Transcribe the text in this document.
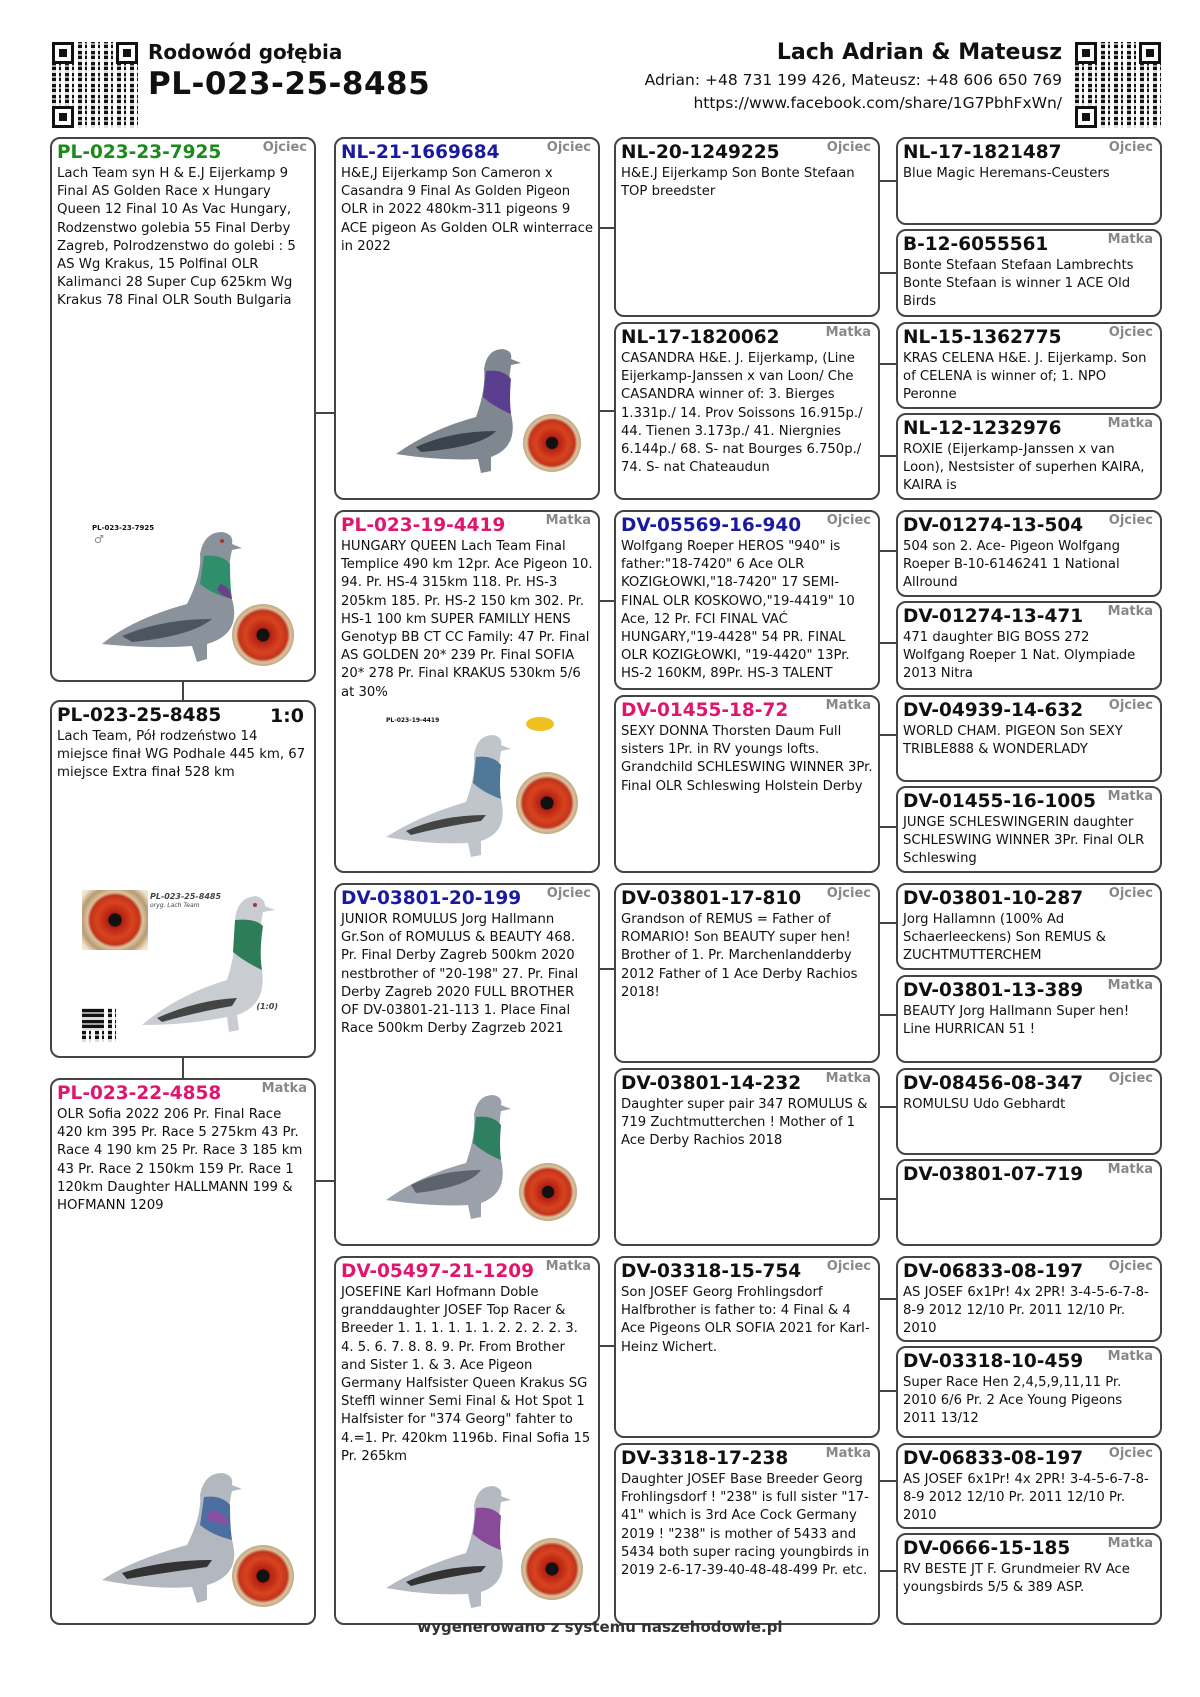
Rodowód gołębia
PL-023-25-8485
Lach Adrian & Mateusz
Adrian: +48 731 199 426, Mateusz: +48 606 650 769
https://www.facebook.com/share/1G7PbhFxWn/
PL-023-23-7925	Ojciec
Lach Team syn H & E.J Eijerkamp 9 Final AS Golden Race x Hungary Queen 12 Final 10 As Vac Hungary, Rodzenstwo golebia 55 Final Derby Zagreb, Polrodzenstwo do golebi : 5 AS Wg Krakus, 15 Polfinal OLR Kalimanci 28 Super Cup 625km Wg Krakus 78 Final OLR South Bulgaria
PL-023-23-7925
♂
PL-023-25-8485	1:0
Lach Team, Pół rodzeństwo 14 miejsce finał WG Podhale 445 km, 67 miejsce Extra finał 528 km
PL-023-25-8485
oryg. Lach Team
(1:0)
PL-023-22-4858	Matka
OLR Sofia 2022 206 Pr. Final Race 420 km 395 Pr. Race 5 275km 43 Pr. Race 4 190 km 25 Pr. Race 3 185 km 43 Pr. Race 2 150km 159 Pr. Race 1 120km Daughter HALLMANN 199 & HOFMANN 1209
NL-21-1669684	Ojciec
H&E,J Eijerkamp Son Cameron x Casandra 9 Final As Golden Pigeon OLR in 2022 480km-311 pigeons 9 ACE pigeon As Golden OLR winterrace in 2022
PL-023-19-4419	Matka
HUNGARY QUEEN Lach Team Final Templice 490 km 12pr. Ace Pigeon 10. 94. Pr. HS-4 315km 118. Pr. HS-3 205km 185. Pr. HS-2 150 km 302. Pr. HS-1 100 km SUPER FAMILLY HENS Genotyp BB CT CC Family: 47 Pr. Final AS GOLDEN 20* 239 Pr. Final SOFIA 20* 278 Pr. Final KRAKUS 530km 5/6 at 30%
PL-023-19-4419
DV-03801-20-199	Ojciec
JUNIOR ROMULUS Jorg Hallmann Gr.Son of ROMULUS & BEAUTY 468. Pr. Final Derby Zagreb 500km 2020 nestbrother of "20-198" 27. Pr. Final Derby Zagreb 2020 FULL BROTHER OF DV-03801-21-113 1. Place Final Race 500km Derby Zagrzeb 2021
DV-05497-21-1209 Matka
JOSEFINE Karl Hofmann Doble granddaughter JOSEF Top Racer & Breeder 1. 1. 1. 1. 1. 1. 2. 2. 2. 2. 3. 4. 5. 6. 7. 8. 8. 9. Pr. From Brother and Sister 1. & 3. Ace Pigeon Germany Halfsister Queen Krakus SG Steffl winner Semi Final & Hot Spot 1 Halfsister for "374 Georg" fahter to 4.=1. Pr. 420km 1196b. Final Sofia 15 Pr. 265km
NL-20-1249225	Ojciec
H&E.J Eijerkamp Son Bonte Stefaan TOP breedster
NL-17-1820062	Matka
CASANDRA H&E. J. Eijerkamp, (Line Eijerkamp-Janssen x van Loon/ Che CASANDRA winner of: 3. Bierges 1.331p./ 14. Prov Soissons 16.915p./ 44. Tienen 3.173p./ 41. Niergnies 6.144p./ 68. S- nat Bourges 6.750p./ 74. S- nat Chateaudun
DV-05569-16-940	Ojciec
Wolfgang Roeper HEROS "940" is father:"18-7420" 6 Ace OLR KOZIGŁOWKI,"18-7420" 17 SEMI-FINAL OLR KOSKOWO,"19-4419" 10 Ace, 12 Pr. FCI FINAL VAĆ HUNGARY,"19-4428" 54 PR. FINAL OLR KOZIGŁOWKI, "19-4420" 13Pr. HS-2 160KM, 89Pr. HS-3 TALENT
DV-01455-18-72	Matka
SEXY DONNA Thorsten Daum Full sisters 1Pr. in RV youngs lofts. Grandchild SCHLESWING WINNER 3Pr. Final OLR Schleswing Holstein Derby
DV-03801-17-810	Ojciec
Grandson of REMUS = Father of ROMARIO! Son BEAUTY super hen! Brother of 1. Pr. Marchenlandderby 2012 Father of 1 Ace Derby Rachios 2018!
DV-03801-14-232	Matka
Daughter super pair 347 ROMULUS & 719 Zuchtmutterchen ! Mother of 1 Ace Derby Rachios 2018
DV-03318-15-754	Ojciec
Son JOSEF Georg Frohlingsdorf Halfbrother is father to: 4 Final & 4 Ace Pigeons OLR SOFIA 2021 for Karl-Heinz Wichert.
DV-3318-17-238	Matka
Daughter JOSEF Base Breeder Georg Frohlingsdorf ! "238" is full sister "17-41" which is 3rd Ace Cock Germany 2019 ! "238" is mother of 5433 and 5434 both super racing youngbirds in 2019 2-6-17-39-40-48-48-499 Pr. etc.
NL-17-1821487	Ojciec
Blue Magic Heremans-Ceusters
B-12-6055561	Matka
Bonte Stefaan Stefaan Lambrechts Bonte Stefaan is winner 1 ACE Old Birds
NL-15-1362775	Ojciec
KRAS CELENA H&E. J. Eijerkamp. Son of CELENA is winner of; 1. NPO Peronne
NL-12-1232976	Matka
ROXIE (Eijerkamp-Janssen x van Loon), Nestsister of superhen KAIRA, KAIRA is
DV-01274-13-504	Ojciec
504 son 2. Ace- Pigeon Wolfgang Roeper B-10-6146241 1 National Allround
DV-01274-13-471	Matka
471 daughter BIG BOSS 272 Wolfgang Roeper 1 Nat. Olympiade 2013 Nitra
DV-04939-14-632	Ojciec
WORLD CHAM. PIGEON Son SEXY TRIBLE888 & WONDERLADY
DV-01455-16-1005 Matka
JUNGE SCHLESWINGERIN daughter SCHLESWING WINNER 3Pr. Final OLR Schleswing
DV-03801-10-287	Ojciec
Jorg Hallamnn (100% Ad Schaerleeckens) Son REMUS & ZUCHTMUTTERCHEM
DV-03801-13-389	Matka
BEAUTY Jorg Hallmann Super hen! Line HURRICAN 51 !
DV-08456-08-347	Ojciec
ROMULSU Udo Gebhardt
DV-03801-07-719	Matka
DV-06833-08-197	Ojciec
AS JOSEF 6x1Pr! 4x 2PR! 3-4-5-6-7-8-8-9 2012 12/10 Pr. 2011 12/10 Pr. 2010
DV-03318-10-459	Matka
Super Race Hen 2,4,5,9,11,11 Pr. 2010 6/6 Pr. 2 Ace Young Pigeons 2011 13/12
DV-06833-08-197	Ojciec
AS JOSEF 6x1Pr! 4x 2PR! 3-4-5-6-7-8-8-9 2012 12/10 Pr. 2011 12/10 Pr. 2010
DV-0666-15-185	Matka
RV BESTE JT F. Grundmeier RV Ace youngsbirds 5/5 & 389 ASP.
wygenerowano z systemu naszehodowle.pl
